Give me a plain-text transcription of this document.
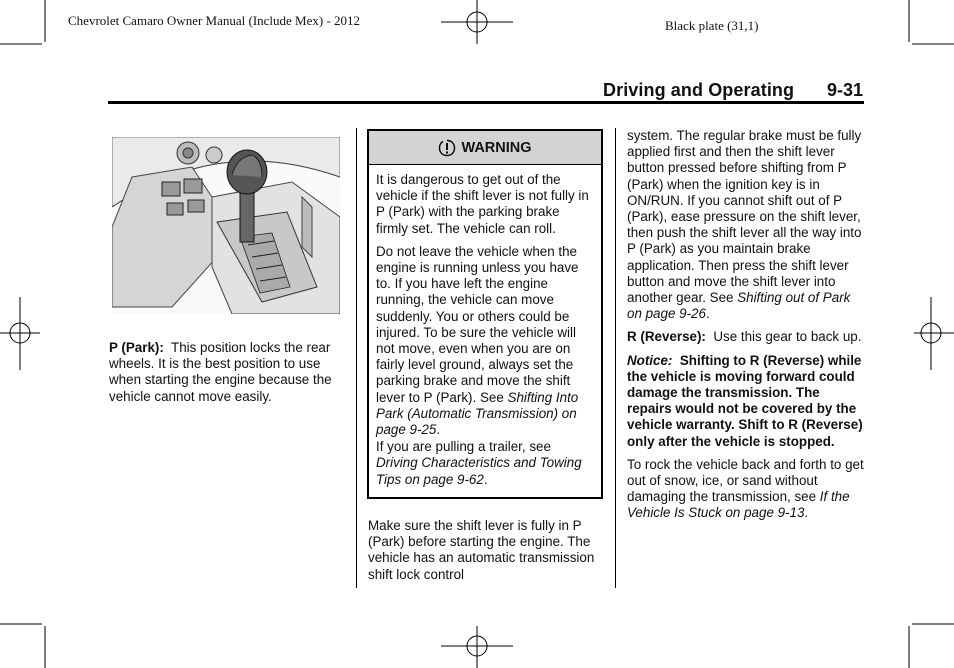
Chevrolet Camaro Owner Manual (Include Mex) - 2012	Black plate (31,1)
Driving and Operating 9-31

P (Park): This position locks the rear wheels. It is the best position to use when starting the engine because the vehicle cannot move easily.

WARNING

It is dangerous to get out of the vehicle if the shift lever is not fully in P (Park) with the parking brake firmly set. The vehicle can roll.

Do not leave the vehicle when the engine is running unless you have to. If you have left the engine running, the vehicle can move suddenly. You or others could be injured. To be sure the vehicle will not move, even when you are on fairly level ground, always set the parking brake and move the shift lever to P (Park). See Shifting Into Park (Automatic Transmission) on page 9-25.

If you are pulling a trailer, see Driving Characteristics and Towing Tips on page 9-62.

Make sure the shift lever is fully in P (Park) before starting the engine. The vehicle has an automatic transmission shift lock control

system. The regular brake must be fully applied first and then the shift lever button pressed before shifting from P (Park) when the ignition key is in ON/RUN. If you cannot shift out of P (Park), ease pressure on the shift lever, then push the shift lever all the way into P (Park) as you maintain brake application. Then press the shift lever button and move the shift lever into another gear. See Shifting out of Park on page 9-26.

R (Reverse): Use this gear to back up.

Notice: Shifting to R (Reverse) while the vehicle is moving forward could damage the transmission. The repairs would not be covered by the vehicle warranty. Shift to R (Reverse) only after the vehicle is stopped.

To rock the vehicle back and forth to get out of snow, ice, or sand without damaging the transmission, see If the Vehicle Is Stuck on page 9-13.
